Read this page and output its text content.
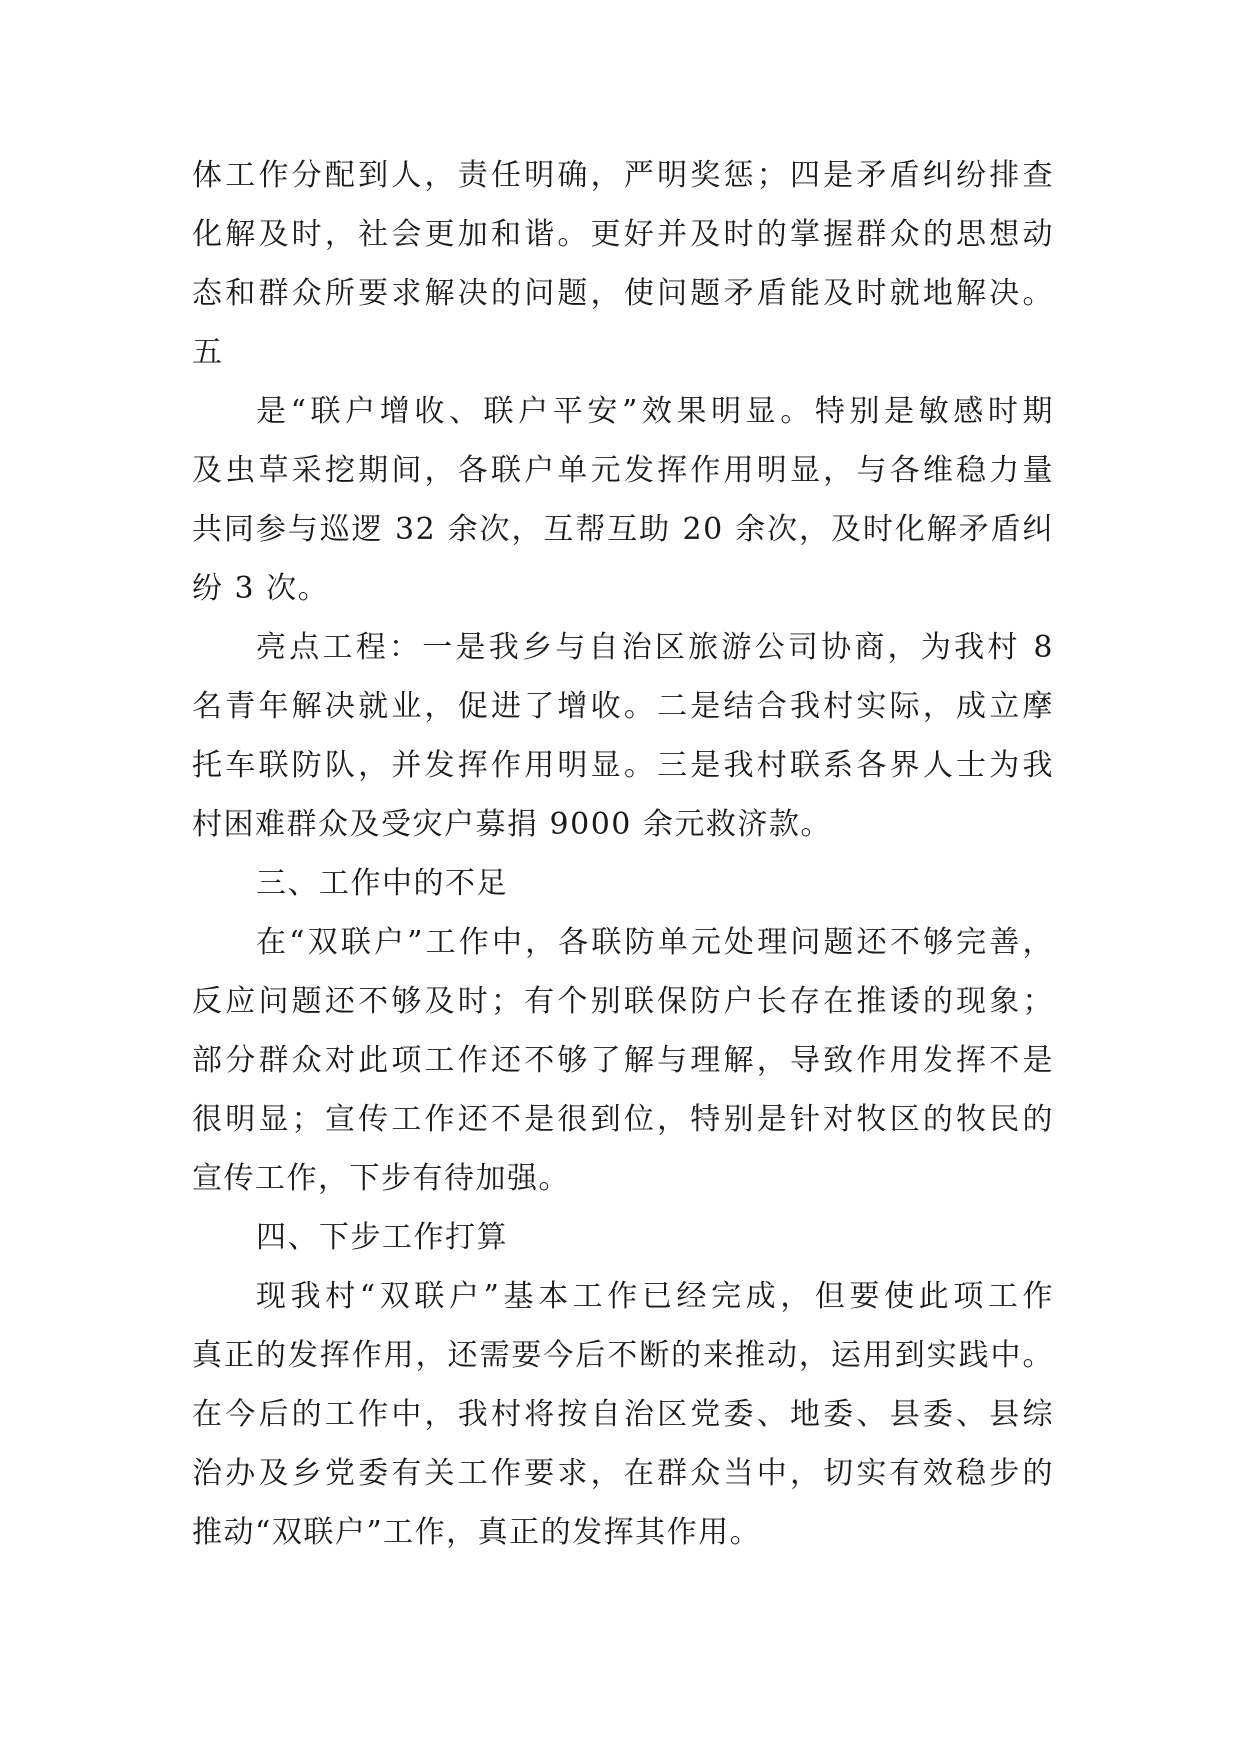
体工作分配到人，责任明确，严明奖惩；四是矛盾纠纷排查
化解及时，社会更加和谐。更好并及时的掌握群众的思想动
态和群众所要求解决的问题，使问题矛盾能及时就地解决。
五
是“联户增收、联户平安”效果明显。特别是敏感时期
及虫草采挖期间，各联户单元发挥作用明显，与各维稳力量
共同参与巡逻 32 余次，互帮互助 20 余次，及时化解矛盾纠
纷 3 次。
亮点工程：一是我乡与自治区旅游公司协商，为我村 8
名青年解决就业，促进了增收。二是结合我村实际，成立摩
托车联防队，并发挥作用明显。三是我村联系各界人士为我
村困难群众及受灾户募捐 9000 余元救济款。
三、工作中的不足
在“双联户”工作中，各联防单元处理问题还不够完善，
反应问题还不够及时；有个别联保防户长存在推诿的现象；
部分群众对此项工作还不够了解与理解，导致作用发挥不是
很明显；宣传工作还不是很到位，特别是针对牧区的牧民的
宣传工作，下步有待加强。
四、下步工作打算
现我村“双联户”基本工作已经完成，但要使此项工作
真正的发挥作用，还需要今后不断的来推动，运用到实践中。
在今后的工作中，我村将按自治区党委、地委、县委、县综
治办及乡党委有关工作要求，在群众当中，切实有效稳步的
推动“双联户”工作，真正的发挥其作用。
